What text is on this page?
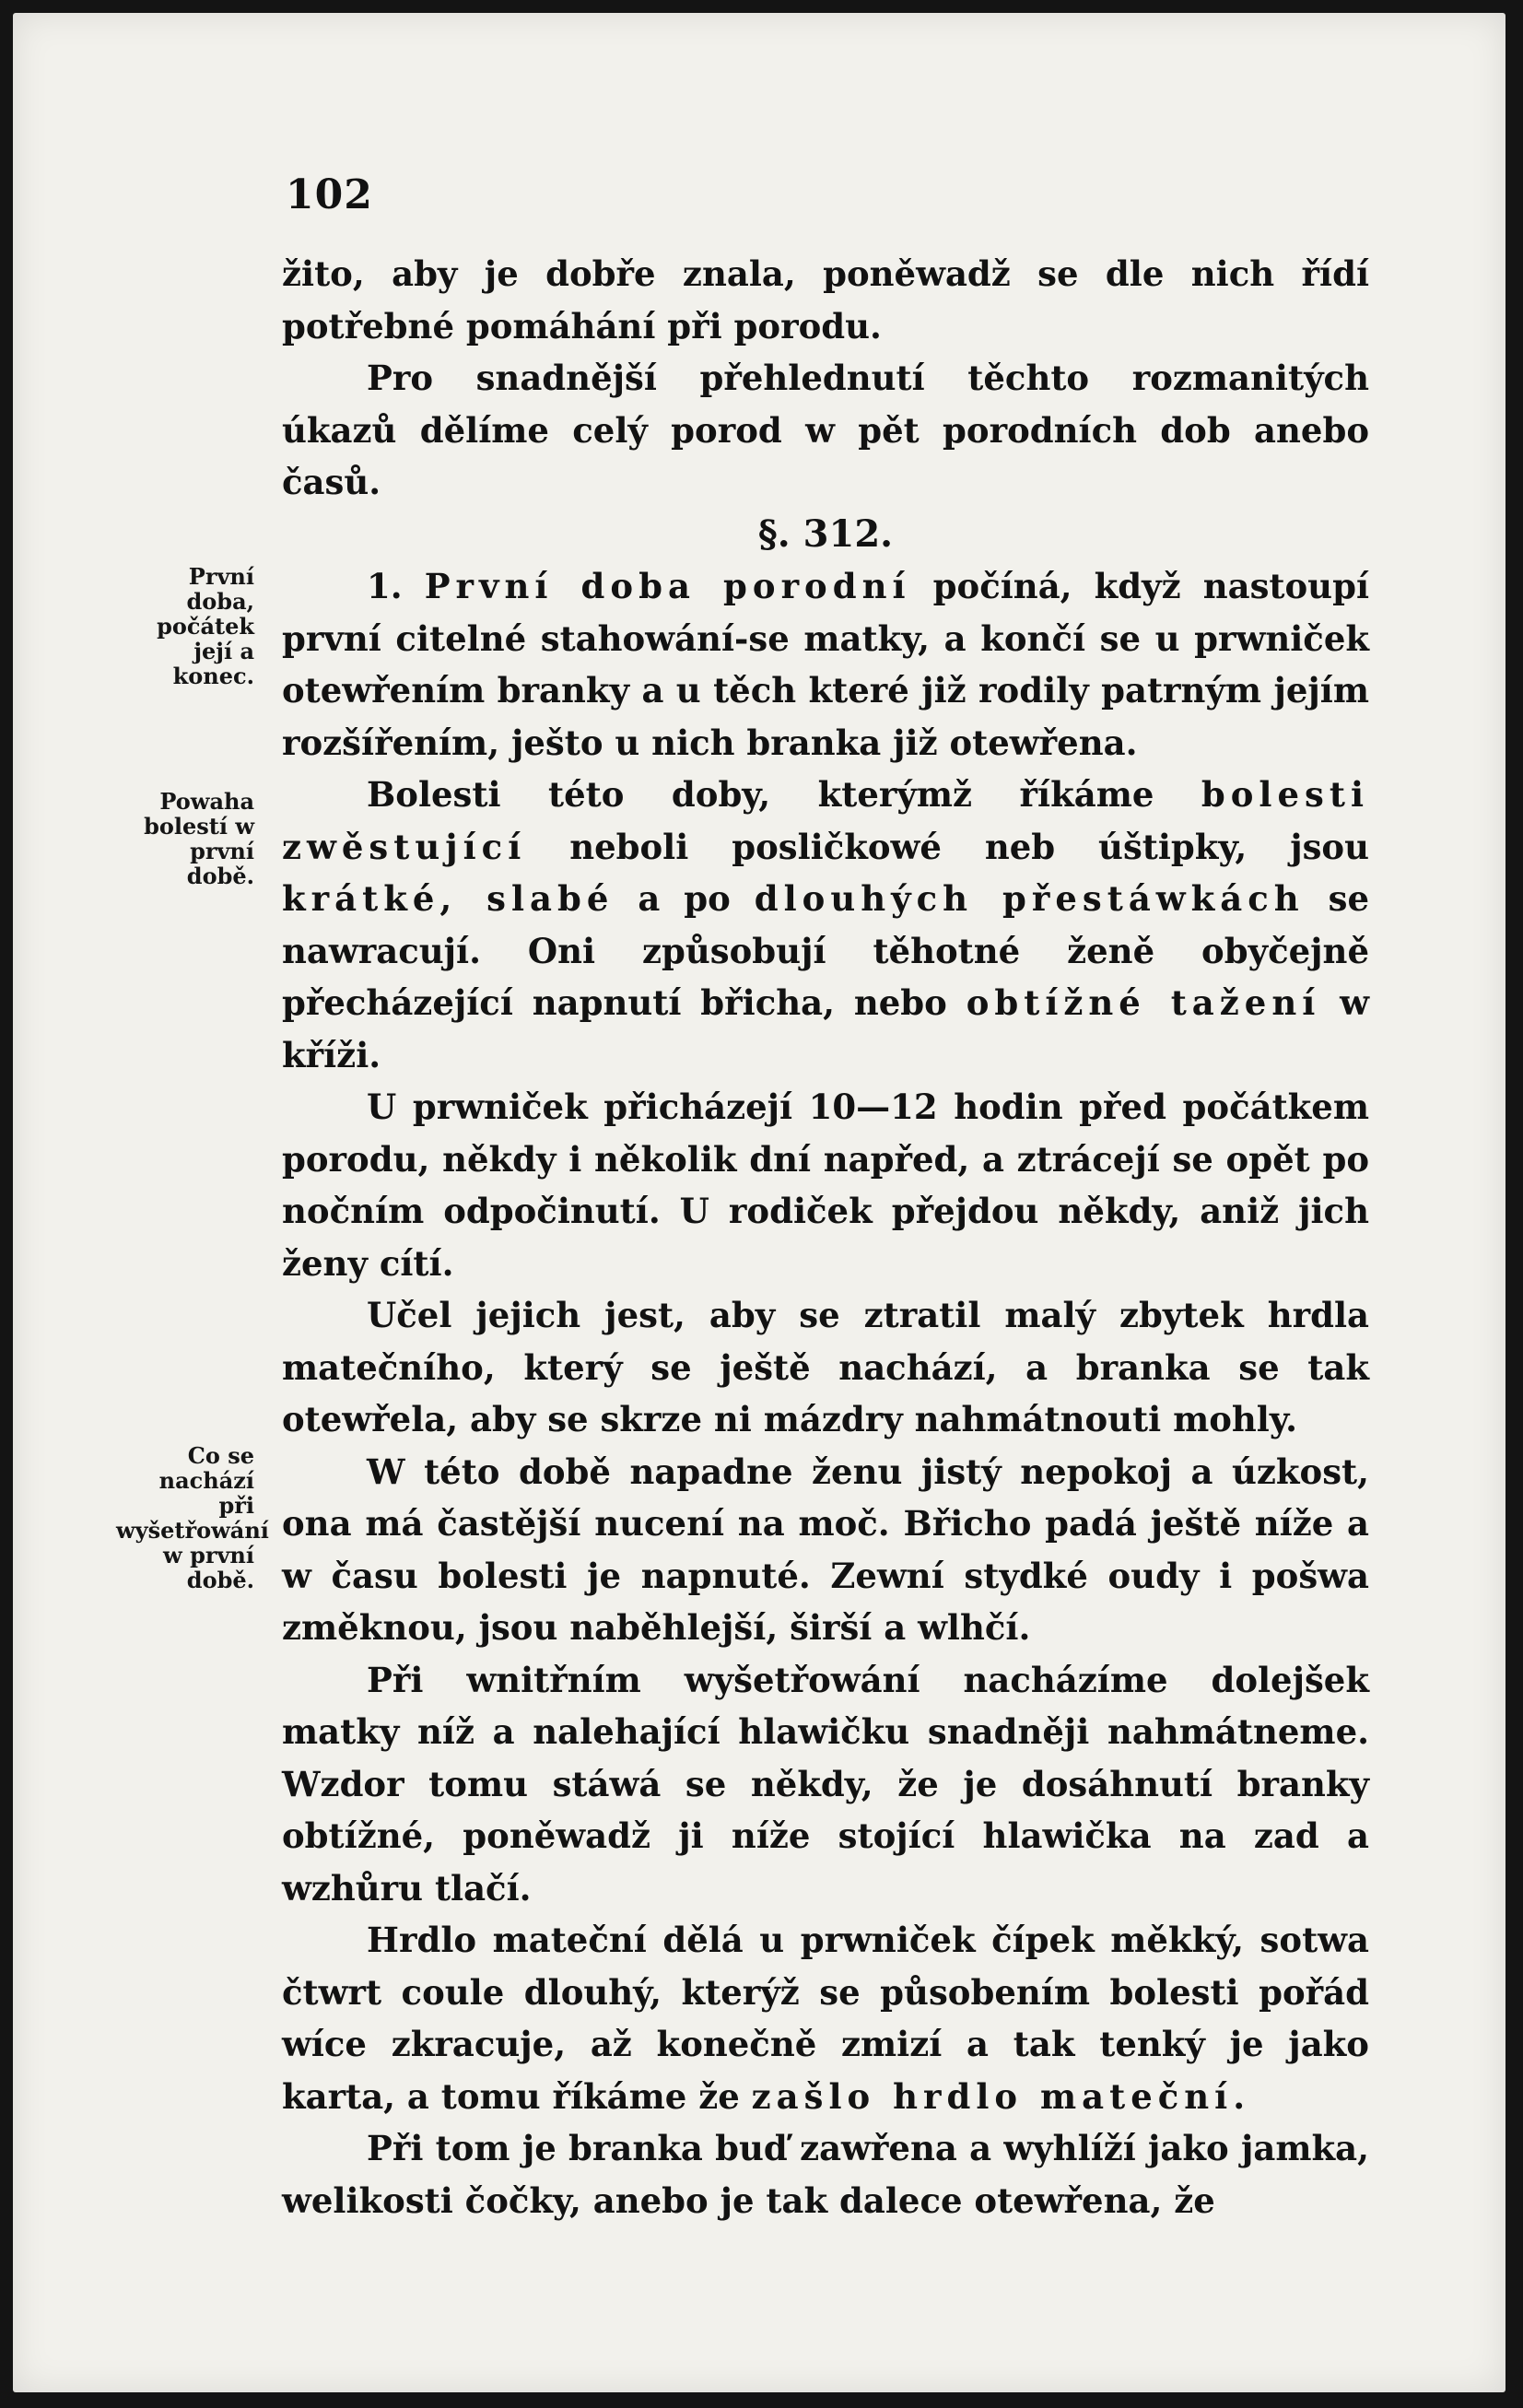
102
První doba, počátek její a konec.
Powaha bolestí w první době.
Co se nachází při wyšetřowání w první době.

žito, aby je dobře znala, poněwadž se dle nich řídí potřebné pomáhání při porodu.

Pro snadnější přehlednutí těchto rozmanitých úkazů dělíme celý porod w pět porodních dob anebo časů.

§. 312.

1. První doba porodní počíná, když nastoupí první citelné stahowání-se matky, a končí se u prwniček otewřením branky a u těch které již rodily patrným jejím rozšířením, ješto u nich branka již otewřena.

Bolesti této doby, kterýmž říkáme bolesti zwěstující neboli posličkowé neb úštipky, jsou krátké, slabé a po dlouhých přestáwkách se nawracují. Oni způsobují těhotné ženě obyčejně přecházející napnutí břicha, nebo obtížné tažení w kříži.

U prwniček přicházejí 10—12 hodin před počátkem porodu, někdy i několik dní napřed, a ztrácejí se opět po nočním odpočinutí. U rodiček přejdou někdy, aniž jich ženy cítí.

Učel jejich jest, aby se ztratil malý zbytek hrdla matečního, který se ještě nachází, a branka se tak otewřela, aby se skrze ni mázdry nahmátnouti mohly.

W této době napadne ženu jistý nepokoj a úzkost, ona má častější nucení na moč. Břicho padá ještě níže a w času bolesti je napnuté. Zewní stydké oudy i pošwa změknou, jsou naběhlejší, širší a wlhčí.

Při wnitřním wyšetřowání nacházíme dolejšek matky níž a nalehající hlawičku snadněji nahmátneme. Wzdor tomu stáwá se někdy, že je dosáhnutí branky obtížné, poněwadž ji níže stojící hlawička na zad a wzhůru tlačí.

Hrdlo mateční dělá u prwniček čípek měkký, sotwa čtwrt coule dlouhý, kterýž se působením bolesti pořád wíce zkracuje, až konečně zmizí a tak tenký je jako karta, a tomu říkáme že zašlo hrdlo mateční.

Při tom je branka buď zawřena a wyhlíží jako jamka, welikosti čočky, anebo je tak dalece otewřena, že
